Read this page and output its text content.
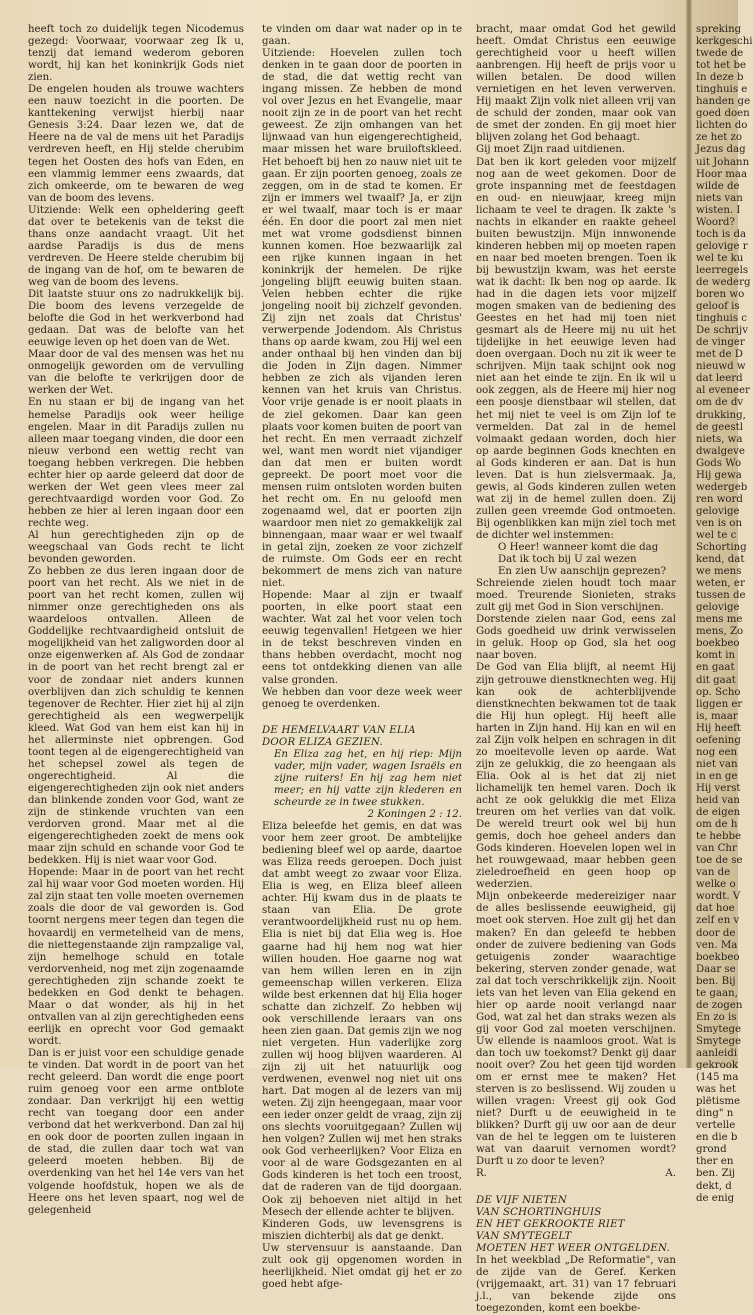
heeft toch zo duidelijk tegen Nicodemus gezegd: Voorwaar, voorwaar zeg Ik u, tenzij dat iemand wederom geboren wordt, hij kan het koninkrijk Gods niet zien.

De engelen houden als trouwe wachters een nauw toezicht in die poorten. De kanttekening verwijst hierbij naar Genesis 3:24. Daar lezen we, dat de Heere na de val de mens uit het Paradijs verdreven heeft, en Hij stelde cherubim tegen het Oosten des hofs van Eden, en een vlammig lemmer eens zwaards, dat zich omkeerde, om te bewaren de weg van de boom des levens.

Uitziende: Welk een opheldering geeft dat over te betekenis van de tekst die thans onze aandacht vraagt. Uit het aardse Paradijs is dus de mens verdreven. De Heere stelde cherubim bij de ingang van de hof, om te bewaren de weg van de boom des levens.

Dit laatste stuur ons zo nadrukkelijk bij. Die boom des levens verzegelde de belofte die God in het werkverbond had gedaan. Dat was de belofte van het eeuwige leven op het doen van de Wet.

Maar door de val des mensen was het nu onmogelijk geworden om de vervulling van die belofte te verkrijgen door de werken der Wet.

En nu staan er bij de ingang van het hemelse Paradijs ook weer heilige engelen. Maar in dit Paradijs zullen nu alleen maar toegang vinden, die door een nieuw verbond een wettig recht van toegang hebben verkregen. Die hebben echter hier op aarde geleerd dat door de werken der Wet geen vlees meer zal gerechtvaardigd worden voor God. Zo hebben ze hier al leren ingaan door een rechte weg.

Al hun gerechtigheden zijn op de weegschaal van Gods recht te licht bevonden geworden.

Zo hebben ze dus leren ingaan door de poort van het recht. Als we niet in de poort van het recht komen, zullen wij nimmer onze gerechtigheden ons als waardeloos ontvallen. Alleen de Goddelijke rechtvaardigheid ontsluit de mogelijkheid van het zaligworden door al onze eigenwerken af. Als God de zondaar in de poort van het recht brengt zal er voor de zondaar niet anders kunnen overblijven dan zich schuldig te kennen tegenover de Rechter. Hier ziet hij al zijn gerechtigheid als een wegwerpelijk kleed. Wat God van hem eist kan hij in het allerminste niet opbrengen. God toont tegen al de eigengerechtigheid van het schepsel zowel als tegen de ongerechtigheid. Al die eigengerechtigheden zijn ook niet anders dan blinkende zonden voor God, want ze zijn de stinkende vruchten van een verdorven grond. Maar met al die eigengerechtigheden zoekt de mens ook maar zijn schuld en schande voor God te bedekken. Hij is niet waar voor God.

Hopende: Maar in de poort van het recht zal hij waar voor God moeten worden. Hij zal zijn staat ten volle moeten overnemen zoals die door de val geworden is. God toornt nergens meer tegen dan tegen die hovaardij en vermetelheid van de mens, die niettegenstaande zijn rampzalige val, zijn hemelhoge schuld en totale verdorvenheid, nog met zijn zogenaamde gerechtigheden zijn schande zoekt te bedekken en God denkt te behagen. Maar o dat wonder, als hij in het ontvallen van al zijn gerechtigheden eens eerlijk en oprecht voor God gemaakt wordt.

Dan is er juist voor een schuldige genade te vinden. Dat wordt in de poort van het recht geleerd. Dan wordt die enge poort ruim genoeg voor een arme ontblote zondaar. Dan verkrijgt hij een wettig recht van toegang door een ander verbond dat het werkverbond. Dan zal hij en ook door de poorten zullen ingaan in de stad, die zullen daar toch wat van geleerd moeten hebben. Bij de overdenking van het hel 14e vers van het volgende hoofdstuk, hopen we als de Heere ons het leven spaart, nog wel de gelegenheid

te vinden om daar wat nader op in te gaan.

Uitziende: Hoevelen zullen toch denken in te gaan door de poorten in de stad, die dat wettig recht van ingang missen. Ze hebben de mond vol over Jezus en het Evangelie, maar nooit zijn ze in de poort van het recht geweest. Ze zijn omhangen van het lijnwaad van hun eigengerechtigheid, maar missen het ware bruiloftskleed. Het behoeft bij hen zo nauw niet uit te gaan. Er zijn poorten genoeg, zoals ze zeggen, om in de stad te komen. Er zijn er immers wel twaalf? Ja, er zijn er wel twaalf, maar toch is er maar één. En door die poort zal men niet met wat vrome godsdienst binnen kunnen komen. Hoe bezwaarlijk zal een rijke kunnen ingaan in het koninkrijk der hemelen. De rijke jongeling blijft eeuwig buiten staan. Velen hebben echter die rijke jongeling nooit bij zichzelf gevonden. Zij zijn net zoals dat Christus' verwerpende Jodendom. Als Christus thans op aarde kwam, zou Hij wel een ander onthaal bij hen vinden dan bij die Joden in Zijn dagen. Nimmer hebben ze zich als vijanden leren kennen van het kruis van Christus. Voor vrije genade is er nooit plaats in de ziel gekomen. Daar kan geen plaats voor komen buiten de poort van het recht. En men verraadt zichzelf wel, want men wordt niet vijandiger dan dat men er buiten wordt gepreekt. De poort moet voor die mensen ruim ontsloten worden buiten het recht om. En nu geloofd men zogenaamd wel, dat er poorten zijn waardoor men niet zo gemakkelijk zal binnengaan, maar waar er wel twaalf in getal zijn, zoeken ze voor zichzelf de ruimste. Om Gods eer en recht bekommert de mens zich van nature niet.

Hopende: Maar al zijn er twaalf poorten, in elke poort staat een wachter. Wat zal het voor velen toch eeuwig tegenvallen! Hetgeen we hier in de tekst beschreven vinden en thans hebben overdacht, mocht nog eens tot ontdekking dienen van alle valse gronden.

We hebben dan voor deze week weer genoeg te overdenken.

DE HEMELVAART VAN ELIA
DOOR ELIZA GEZIEN.

En Eliza zag het, en hij riep: Mijn vader, mijn vader, wagen Israëls en zijne ruiters! En hij zag hem niet meer; en hij vatte zijn klederen en scheurde ze in twee stukken.

2 Koningen 2 : 12.

Eliza beleefde het gemis, en dat was voor hem zeer groot. De ambtelijke bediening bleef wel op aarde, daartoe was Eliza reeds geroepen. Doch juist dat ambt weegt zo zwaar voor Eliza. Elia is weg, en Eliza bleef alleen achter. Hij kwam dus in de plaats te staan van Elia. De grote verantwoordelijkheid rust nu op hem. Elia is niet bij dat Elia weg is. Hoe gaarne had hij hem nog wat hier willen houden. Hoe gaarne nog wat van hem willen leren en in zijn gemeenschap willen verkeren. Eliza wilde best erkennen dat hij Elia hoger schatte dan zichzelf. Zo hebben wij ook verschillende leraars van ons heen zien gaan. Dat gemis zijn we nog niet vergeten. Hun vaderlijke zorg zullen wij hoog blijven waarderen. Al zijn zij uit het natuurlijk oog verdwenen, evenwel nog niet uit ons hart. Dat mogen al de lezers van mij weten. Zij zijn heengegaan, maar voor een ieder onzer geldt de vraag, zijn zij ons slechts vooruitgegaan? Zullen wij hen volgen? Zullen wij met hen straks ook God verheerlijken? Voor Eliza en voor al de ware Godsgezanten en al Gods kinderen is het toch een troost, dat de raderen van de tijd doorgaan. Ook zij behoeven niet altijd in het Mesech der ellende achter te blijven.

Kinderen Gods, uw levensgrens is miszien dichterbij als dat ge denkt.

Uw stervensuur is aanstaande. Dan zult ook gij opgenomen worden in heerlijkheid. Niet omdat gij het er zo goed hebt afge-

bracht, maar omdat God het gewild heeft. Omdat Christus een eeuwige gerechtigheid voor u heeft willen aanbrengen. Hij heeft de prijs voor u willen betalen. De dood willen vernietigen en het leven verwerven. Hij maakt Zijn volk niet alleen vrij van de schuld der zonden, maar ook van de smet der zonden. En gij moet hier blijven zolang het God behaagt.

Gij moet Zijn raad uitdienen.

Dat ben ik kort geleden voor mijzelf nog aan de weet gekomen. Door de grote inspanning met de feestdagen en oud- en nieuwjaar, kreeg mijn lichaam te veel te dragen. Ik zakte 's nachts in elkander en raakte geheel buiten bewustzijn. Mijn innwonende kinderen hebben mij op moeten rapen en naar bed moeten brengen. Toen ik bij bewustzijn kwam, was het eerste wat ik dacht: Ik ben nog op aarde. Ik had in die dagen iets voor mijzelf mogen smaken van de bediening des Geestes en het had mij toen niet gesmart als de Heere mij nu uit het tijdelijke in het eeuwige leven had doen overgaan. Doch nu zit ik weer te schrijven. Mijn taak schijnt ook nog niet aan het einde te zijn. En ik wil u ook zeggen, als de Heere mij hier nog een poosje dienstbaar wil stellen, dat het mij niet te veel is om Zijn lof te vermelden. Dat zal in de hemel volmaakt gedaan worden, doch hier op aarde beginnen Gods knechten en al Gods kinderen er aan. Dat is hun leven. Dat is hun zielsvermaak. Ja, gewis, al Gods kinderen zullen weten wat zij in de hemel zullen doen. Zij zullen geen vreemde God ontmoeten. Bij ogenblikken kan mijn ziel toch met de dichter wel instemmen:

O Heer! wanneer komt die dag

Dat ik toch bij U zal wezen

En zien Uw aanschijn geprezen?

Schreiende zielen houdt toch maar moed. Treurende Sionieten, straks zult gij met God in Sion verschijnen.

Dorstende zielen naar God, eens zal Gods goedheid uw drink verwisselen in geluk. Hoop op God, sla het oog naar boven.

De God van Elia blijft, al neemt Hij zijn getrouwe dienstknechten weg. Hij kan ook de achterblijvende dienstknechten bekwamen tot de taak die Hij hun oplegt. Hij heeft alle harten in Zijn hand. Hij kan en wil en zal Zijn volk helpen en schragen in dit zo moeitevolle leven op aarde. Wat zijn ze gelukkig, die zo heengaan als Elia. Ook al is het dat zij niet lichamelijk ten hemel varen. Doch ik acht ze ook gelukkig die met Eliza treuren om het verlies van dat volk. De wereld treurt ook wel bij hun gemis, doch hoe geheel anders dan Gods kinderen. Hoevelen lopen wel in het rouwgewaad, maar hebben geen zieledroefheid en geen hoop op wederzien.

Mijn onbekeerde medereiziger naar de alles beslissende eeuwigheid, gij moet ook sterven. Hoe zult gij het dan maken? En dan geleefd te hebben onder de zuivere bediening van Gods getuigenis zonder waarachtige bekering, sterven zonder genade, wat zal dat toch verschrikkelijk zijn. Nooit iets van het leven van Elia gekend en hier op aarde nooit verlangd naar God, wat zal het dan straks wezen als gij voor God zal moeten verschijnen. Uw ellende is naamloos groot. Wat is dan toch uw toekomst? Denkt gij daar nooit over? Zou het geen tijd worden om er ernst mee te maken? Het sterven is zo beslissend. Wij zouden u willen vragen: Vreest gij ook God niet? Durft u de eeuwigheid in te blikken? Durft gij uw oor aan de deur van de hel te leggen om te luisteren wat van daaruit vernomen wordt? Durft u zo door te leven?

R.	A.

DE VIJF NIETEN
VAN SCHORTINGHUIS
EN HET GEKROOKTE RIET
VAN SMYTEGELT
MOETEN HET WEER ONTGELDEN.

In het weekblad „De Reformatie", van de zijde van de Geref. Kerken (vrijgemaakt, art. 31) van 17 februari j.l., van bekende zijde ons toegezonden, komt een boekbe-

spreking
kerkgeschi
twede de
tot het be
In deze b
tinghuis e
handen ge
goed doen
lichten do
ze het zo
Jezus dag
uit Johann
Hoor maa
wilde de
niets van
wisten. I
Woord?
toch is da
gelovige r
wel te ku
leerregels
de wederg
boren wo
geloof is
tinghuis c
De schrijv
de vinger
met de D
nieuwd w
dat leerd
al eveneer
om de dv
drukking,
de geestl
niets, wa
dwalgeve
Gods Wo
Hij gewa
wedergeb
ren word
gelovige
ven is on
wel te c
Schorting
kend, dat
we mens
weten, er
tussen de
gelovige
mens me
mens, Zo
boekbeo
komt in
en gaat
dit gaat
op. Scho
liggen er
is, maar
Hij heeft
oefening
nog een
niet van
in en ge
Hij verst
heid van
de eigen
om de h
te hebbe
van Chr
toe de se
van de
welke o
wordt. V
dat hoe
zelf en v
door de
ven. Ma
boekbeo
Daar se
ben. Bij
te gaan,
de zogen
En zo is
Smytege
Smytege
aanleidi
gekrook
(145 ma
was het
plëtisme
ding" n
vertelle
en die b
grond
ther en
ben. Zij
dekt, d
de enig
